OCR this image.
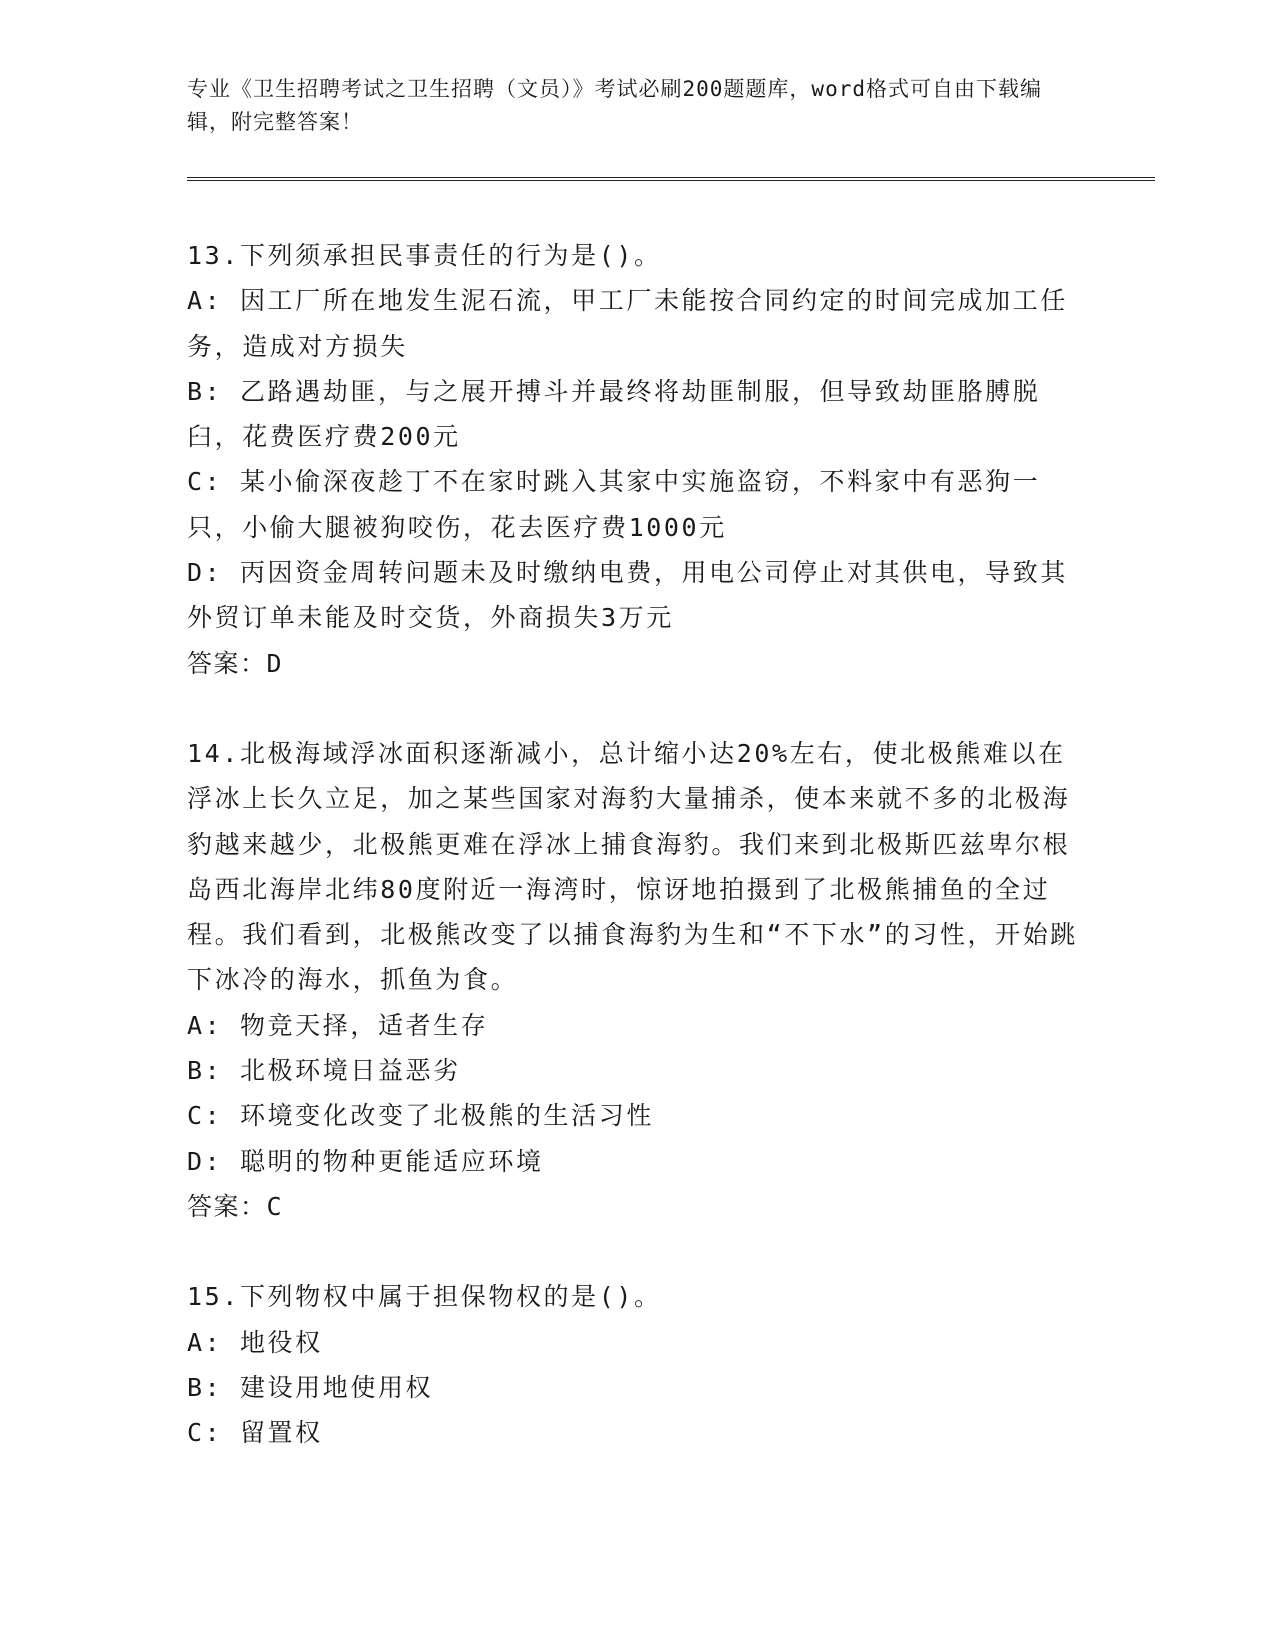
专业《卫生招聘考试之卫生招聘（文员）》考试必刷200题题库，word格式可自由下载编辑，附完整答案！
13.下列须承担民事责任的行为是()。
A: 因工厂所在地发生泥石流，甲工厂未能按合同约定的时间完成加工任务，造成对方损失
B: 乙路遇劫匪，与之展开搏斗并最终将劫匪制服，但导致劫匪胳膊脱臼，花费医疗费200元
C: 某小偷深夜趁丁不在家时跳入其家中实施盗窃，不料家中有恶狗一只，小偷大腿被狗咬伤，花去医疗费1000元
D: 丙因资金周转问题未及时缴纳电费，用电公司停止对其供电，导致其外贸订单未能及时交货，外商损失3万元
答案：D
14.北极海域浮冰面积逐渐减小，总计缩小达20%左右，使北极熊难以在浮冰上长久立足，加之某些国家对海豹大量捕杀，使本来就不多的北极海豹越来越少，北极熊更难在浮冰上捕食海豹。我们来到北极斯匹兹卑尔根岛西北海岸北纬80度附近一海湾时，惊讶地拍摄到了北极熊捕鱼的全过程。我们看到，北极熊改变了以捕食海豹为生和“不下水”的习性，开始跳下冰冷的海水，抓鱼为食。
A: 物竞天择，适者生存
B: 北极环境日益恶劣
C: 环境变化改变了北极熊的生活习性
D: 聪明的物种更能适应环境
答案：C
15.下列物权中属于担保物权的是()。
A: 地役权
B: 建设用地使用权
C: 留置权
